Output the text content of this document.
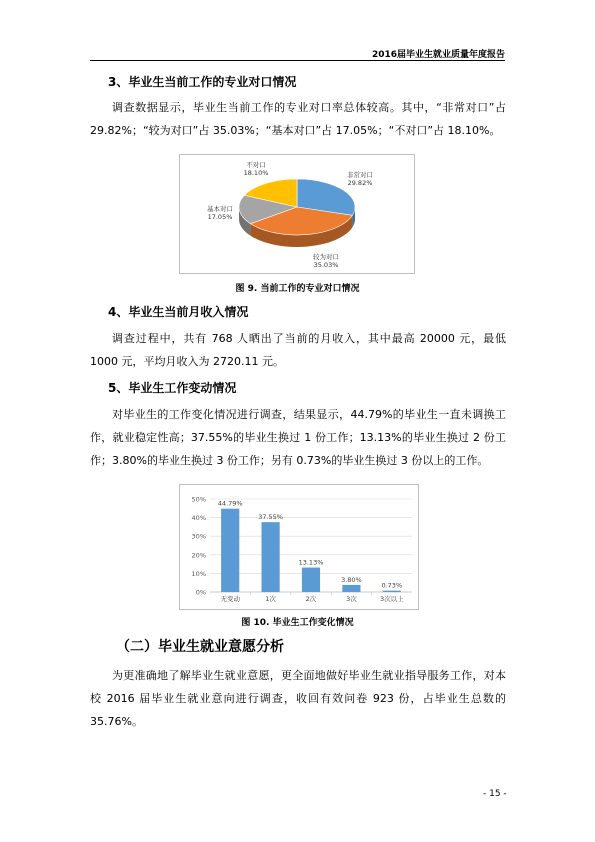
2016届毕业生就业质量年度报告
3、毕业生当前工作的专业对口情况

调查数据显示，毕业生当前工作的专业对口率总体较高。其中，“非常对口”占 29.82%；“较为对口”占 35.03%；“基本对口”占 17.05%；“不对口”占 18.10%。

非常对口
29.82%
较为对口
35.03%
基本对口
17.05%
不对口
18.10%
图 9. 当前工作的专业对口情况
4、毕业生当前月收入情况

调查过程中，共有 768 人晒出了当前的月收入，其中最高 20000 元，最低 1000 元，平均月收入为 2720.11 元。

5、毕业生工作变动情况

对毕业生的工作变化情况进行调查，结果显示，44.79%的毕业生一直未调换工作，就业稳定性高；37.55%的毕业生换过 1 份工作；13.13%的毕业生换过 2 份工作；3.80%的毕业生换过 3 份工作；另有 0.73%的毕业生换过 3 份以上的工作。

0%
10%
20%
30%
40%
50%
44.79%
无变动
37.55%
1次
13.13%
2次
3.80%
3次
0.73%
3次以上
图 10. 毕业生工作变化情况
（二）毕业生就业意愿分析

为更准确地了解毕业生就业意愿，更全面地做好毕业生就业指导服务工作，对本校 2016 届毕业生就业意向进行调查，收回有效问卷 923 份，占毕业生总数的 35.76%。

- 15 -
